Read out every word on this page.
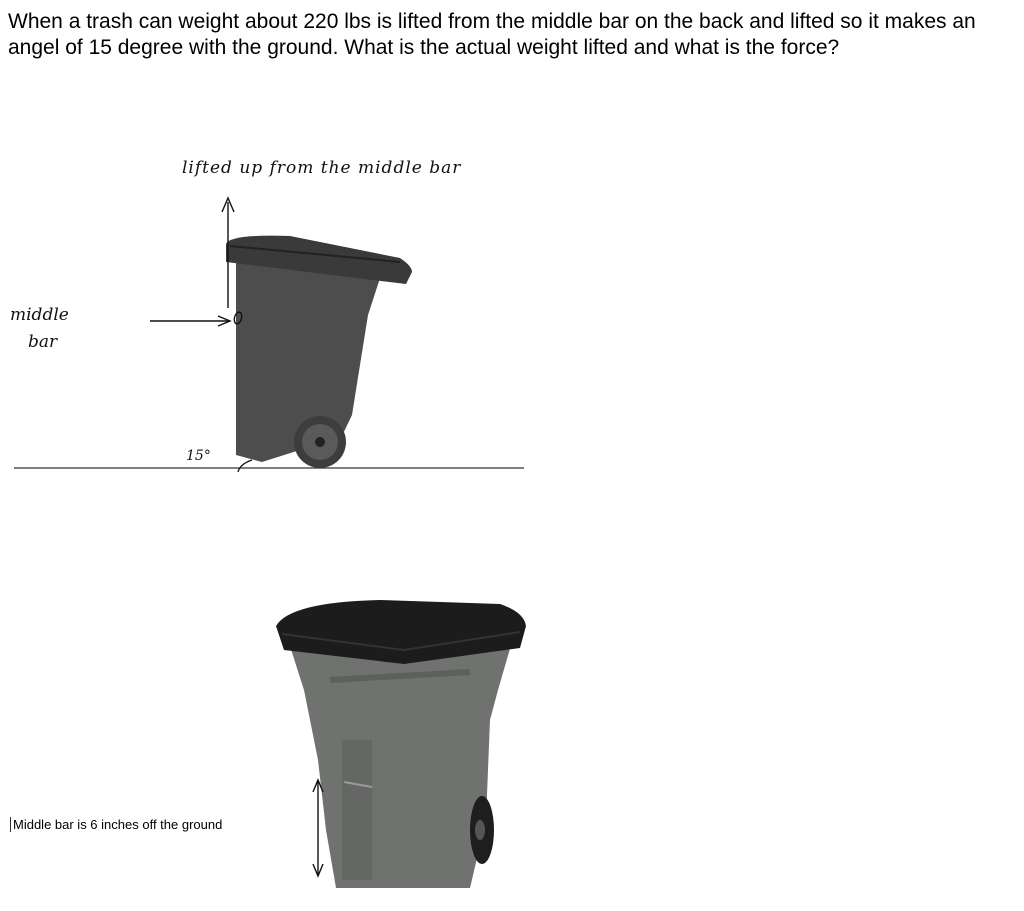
When a trash can weight about 220 lbs is lifted from the middle bar on the back and lifted so it makes an angel of 15 degree with the ground. What is the actual weight lifted and what is the force?

lifted up from the middle bar
middle
bar
15°
Middle bar is 6 inches off the ground
